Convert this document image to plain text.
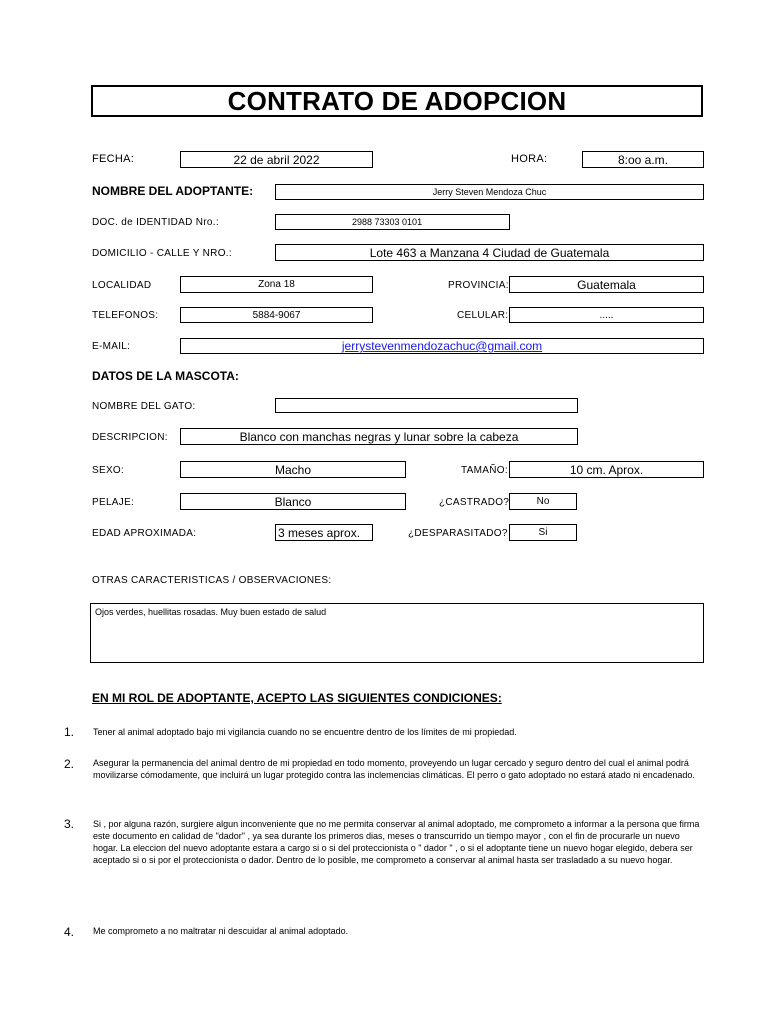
CONTRATO DE ADOPCION
FECHA:	22 de abril 2022	HORA:	8:oo a.m.
NOMBRE DEL ADOPTANTE:	Jerry Steven Mendoza Chuc
DOC. de IDENTIDAD Nro.:	2988 73303 0101
DOMICILIO - CALLE Y NRO.:	Lote 463 a Manzana 4 Ciudad de Guatemala
LOCALIDAD	Zona 18	PROVINCIA:	Guatemala
TELEFONOS:	5884-9067	CELULAR:	.....
E-MAIL:	jerrystevenmendozachuc@gmail.com
DATOS DE LA MASCOTA:
NOMBRE DEL GATO:
DESCRIPCION:	Blanco con manchas negras y lunar sobre la cabeza
SEXO:	Macho	TAMAÑO:	10 cm. Aprox.
PELAJE:	Blanco	¿CASTRADO?	No
EDAD APROXIMADA:	3 meses aprox.	¿DESPARASITADO?	Si
OTRAS CARACTERISTICAS / OBSERVACIONES:
Ojos verdes, huellitas rosadas. Muy buen estado de salud
EN MI ROL DE ADOPTANTE, ACEPTO LAS SIGUIENTES CONDICIONES:
1. Tener al animal adoptado bajo mi vigilancia cuando no se encuentre dentro de los límites de mi propiedad.
2. Asegurar la permanencia del animal dentro de mi propiedad en todo momento, proveyendo un lugar cercado y seguro dentro del cual el animal podrá movilizarse cómodamente, que incluirá un lugar protegido contra las inclemencias climáticas. El perro o gato adoptado no estará atado ni encadenado.
3. Si , por alguna razón, surgiere algun inconveniente que no me permita conservar al animal adoptado, me comprometo a informar a la persona que firma este documento en calidad de "dador" , ya sea durante los primeros dias, meses o transcurrido un tiempo mayor , con el fin de procurarle un nuevo hogar. La eleccion del nuevo adoptante estara a cargo si o si del proteccionista o " dador " , o si el adoptante tiene un nuevo hogar elegido, debera ser aceptado si o si por el proteccionista o dador. Dentro de lo posible, me comprometo a conservar al animal hasta ser trasladado a su nuevo hogar.
4. Me comprometo a no maltratar ni descuidar al animal adoptado.
